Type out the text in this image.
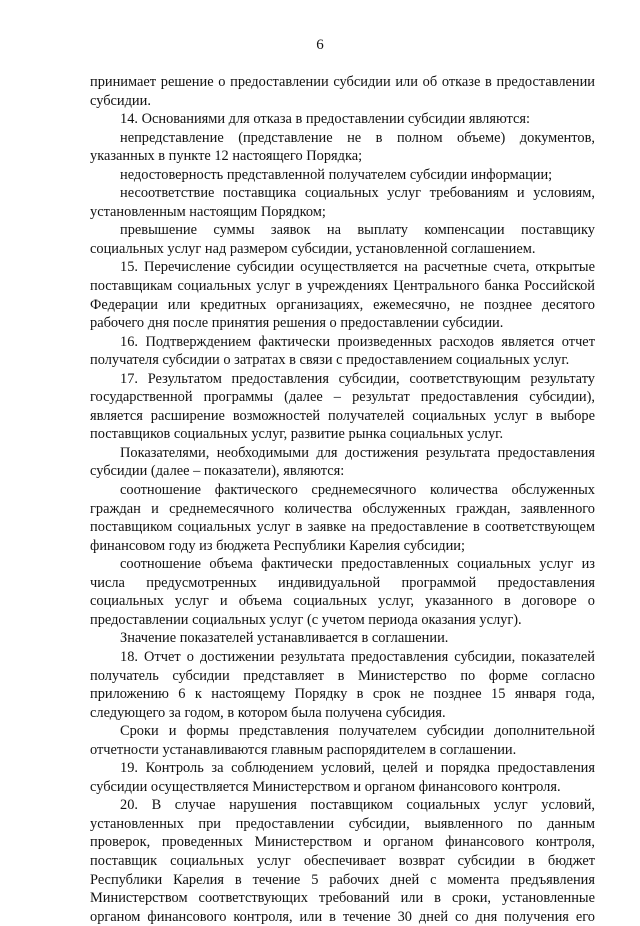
6
принимает решение о предоставлении субсидии или об отказе в предоставлении
субсидии.
14. Основаниями для отказа в предоставлении субсидии являются:
непредставление (представление не в полном объеме) документов,
указанных в пункте 12 настоящего Порядка;
недостоверность представленной получателем субсидии информации;
несоответствие поставщика социальных услуг требованиям и условиям,
установленным настоящим Порядком;
превышение суммы заявок на выплату компенсации поставщику
социальных услуг над размером субсидии, установленной соглашением.
15. Перечисление субсидии осуществляется на расчетные счета, открытые
поставщикам социальных услуг в учреждениях Центрального банка Российской
Федерации или кредитных организациях, ежемесячно, не позднее десятого
рабочего дня после принятия решения о предоставлении субсидии.
16. Подтверждением фактически произведенных расходов является отчет
получателя субсидии о затратах в связи с предоставлением социальных услуг.
17. Результатом предоставления субсидии, соответствующим результату
государственной программы (далее – результат предоставления субсидии),
является расширение возможностей получателей социальных услуг в выборе
поставщиков социальных услуг, развитие рынка социальных услуг.
Показателями, необходимыми для достижения результата предоставления
субсидии (далее – показатели), являются:
соотношение фактического среднемесячного количества обслуженных
граждан и среднемесячного количества обслуженных граждан, заявленного
поставщиком социальных услуг в заявке на предоставление в соответствующем
финансовом году из бюджета Республики Карелия субсидии;
соотношение объема фактически предоставленных социальных услуг из
числа предусмотренных индивидуальной программой предоставления
социальных услуг и объема социальных услуг, указанного в договоре о
предоставлении социальных услуг (с учетом периода оказания услуг).
Значение показателей устанавливается в соглашении.
18. Отчет о достижении результата предоставления субсидии, показателей
получатель субсидии представляет в Министерство по форме согласно
приложению 6 к настоящему Порядку в срок не позднее 15 января года,
следующего за годом, в котором была получена субсидия.
Сроки и формы представления получателем субсидии дополнительной
отчетности устанавливаются главным распорядителем в соглашении.
19. Контроль за соблюдением условий, целей и порядка предоставления
субсидии осуществляется Министерством и органом финансового контроля.
20. В случае нарушения поставщиком социальных услуг условий,
установленных при предоставлении субсидии, выявленного по данным
проверок, проведенных Министерством и органом финансового контроля,
поставщик социальных услуг обеспечивает возврат субсидии в бюджет
Республики Карелия в течение 5 рабочих дней с момента предъявления
Министерством соответствующих требований или в сроки, установленные
органом финансового контроля, или в течение 30 дней со дня получения его
